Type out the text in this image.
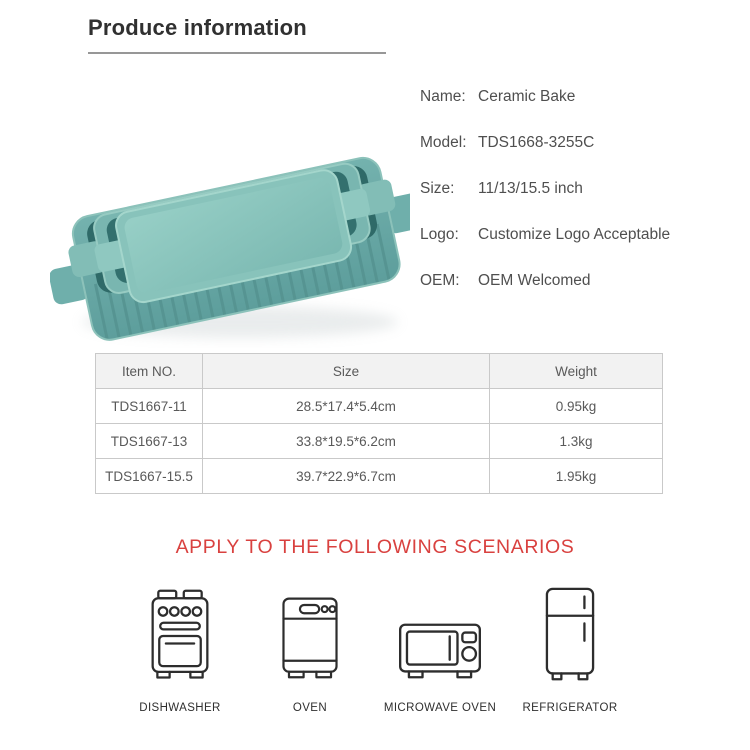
Produce information
Name: Ceramic Bake
Model: TDS1668-3255C
Size:	11/13/15.5 inch
Logo:	Customize Logo Acceptable
OEM:	OEM Welcomed
Item NO.	Size	Weight
TDS1667-11	28.5*17.4*5.4cm	0.95kg
TDS1667-13	33.8*19.5*6.2cm	1.3kg
TDS1667-15.5	39.7*22.9*6.7cm	1.95kg
APPLY TO THE FOLLOWING SCENARIOS
DISHWASHER	OVEN	MICROWAVE OVEN REFRIGERATOR
